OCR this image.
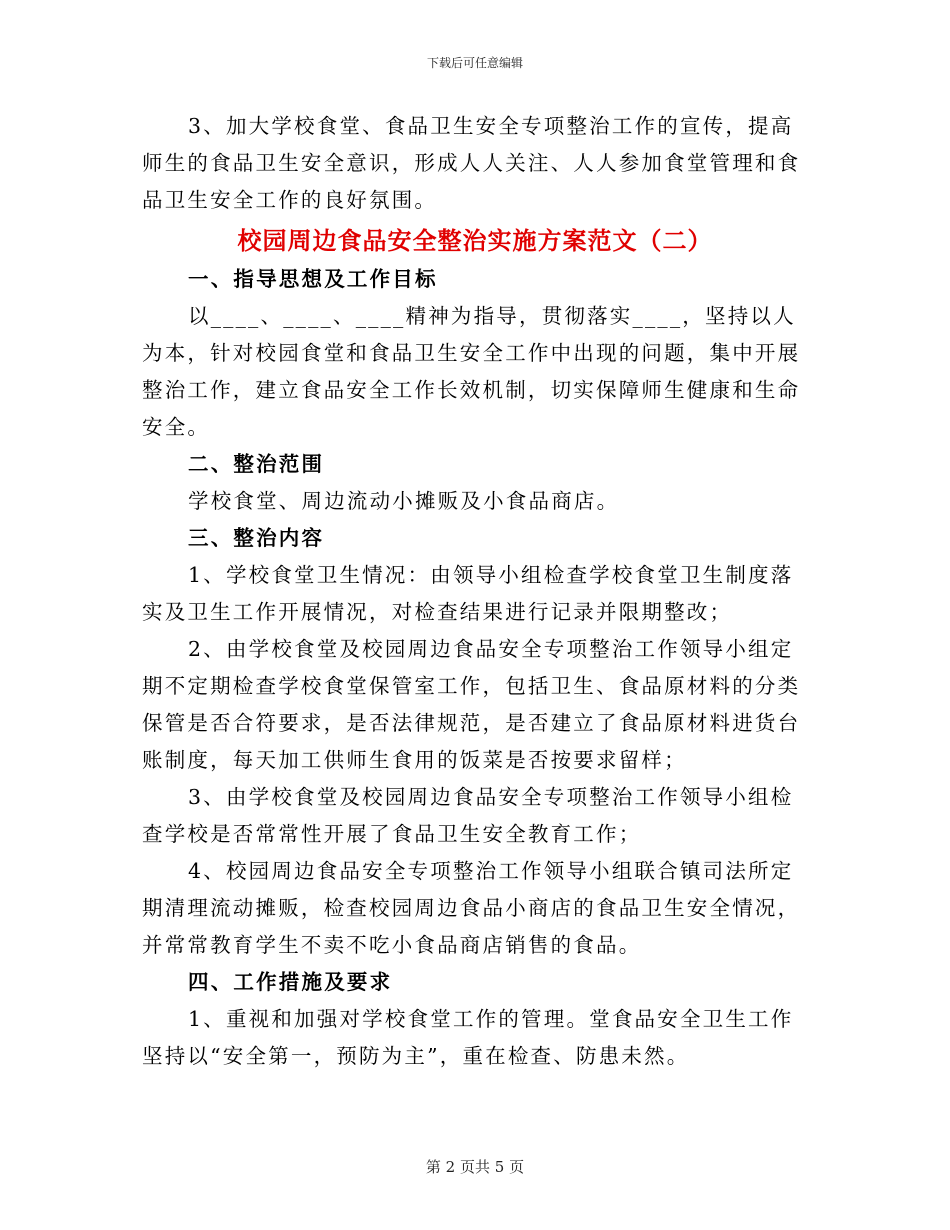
下载后可任意编辑

3、加大学校食堂、食品卫生安全专项整治工作的宣传，提高师生的食品卫生安全意识，形成人人关注、人人参加食堂管理和食品卫生安全工作的良好氛围。

校园周边食品安全整治实施方案范文（二）

一、指导思想及工作目标

以____、____、____精神为指导，贯彻落实____，坚持以人为本，针对校园食堂和食品卫生安全工作中出现的问题，集中开展整治工作，建立食品安全工作长效机制，切实保障师生健康和生命安全。

二、整治范围

学校食堂、周边流动小摊贩及小食品商店。

三、整治内容

1、学校食堂卫生情况：由领导小组检查学校食堂卫生制度落实及卫生工作开展情况，对检查结果进行记录并限期整改；

2、由学校食堂及校园周边食品安全专项整治工作领导小组定期不定期检查学校食堂保管室工作，包括卫生、食品原材料的分类保管是否合符要求，是否法律规范，是否建立了食品原材料进货台账制度，每天加工供师生食用的饭菜是否按要求留样；

3、由学校食堂及校园周边食品安全专项整治工作领导小组检查学校是否常常性开展了食品卫生安全教育工作；

4、校园周边食品安全专项整治工作领导小组联合镇司法所定期清理流动摊贩，检查校园周边食品小商店的食品卫生安全情况，并常常教育学生不卖不吃小食品商店销售的食品。

四、工作措施及要求

1、重视和加强对学校食堂工作的管理。堂食品安全卫生工作坚持以“安全第一，预防为主”，重在检查、防患未然。

第 2 页共 5 页
